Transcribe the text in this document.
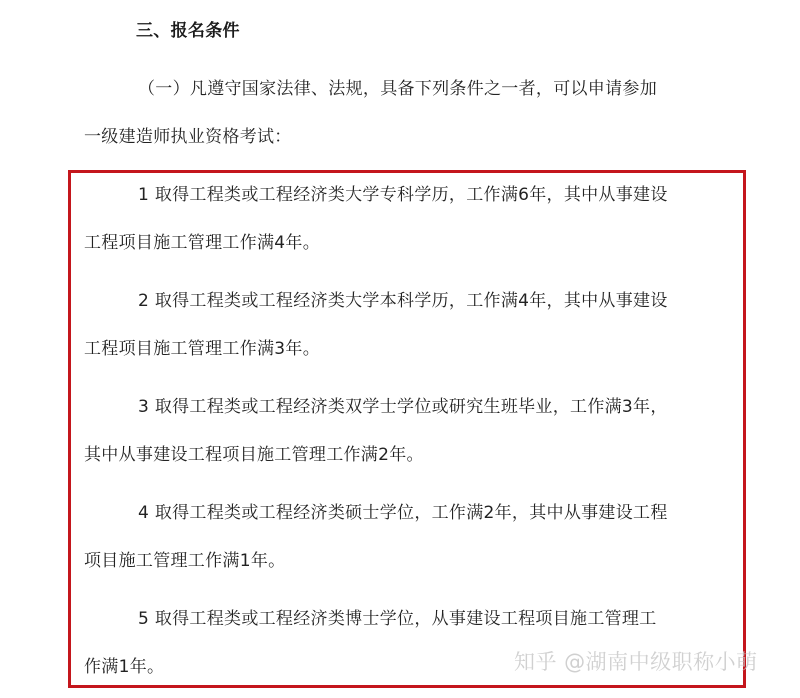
三、报名条件
（一）凡遵守国家法律、法规，具备下列条件之一者，可以申请参加
一级建造师执业资格考试：
1 取得工程类或工程经济类大学专科学历，工作满6年，其中从事建设
工程项目施工管理工作满4年。
2 取得工程类或工程经济类大学本科学历，工作满4年，其中从事建设
工程项目施工管理工作满3年。
3 取得工程类或工程经济类双学士学位或研究生班毕业，工作满3年，
其中从事建设工程项目施工管理工作满2年。
4 取得工程类或工程经济类硕士学位，工作满2年，其中从事建设工程
项目施工管理工作满1年。
5 取得工程类或工程经济类博士学位，从事建设工程项目施工管理工
作满1年。	知乎 @湖南中级职称小萌
